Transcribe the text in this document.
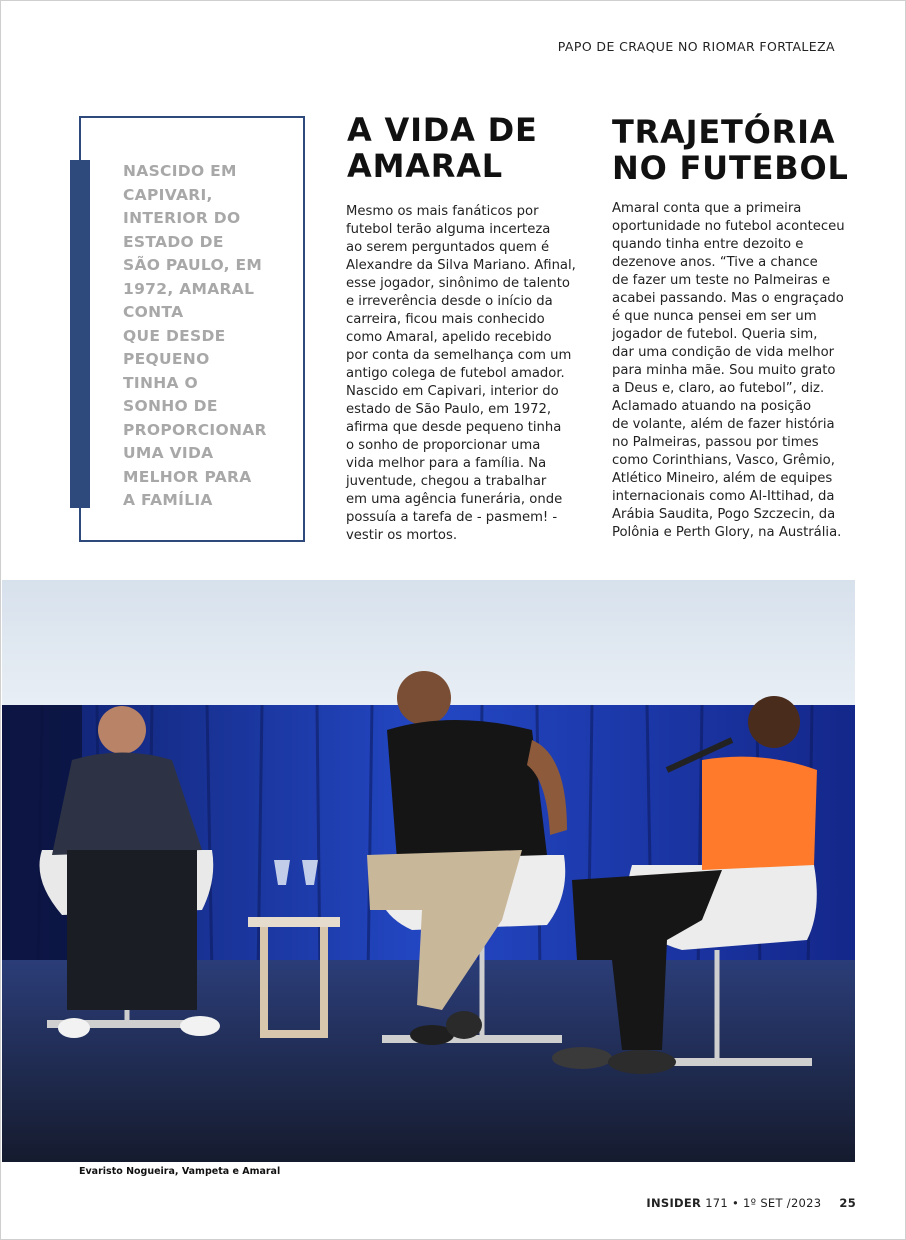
PAPO DE CRAQUE NO RIOMAR FORTALEZA
NASCIDO EM
CAPIVARI,
INTERIOR DO
ESTADO DE
SÃO PAULO, EM
1972, AMARAL
CONTA
QUE DESDE
PEQUENO
TINHA O
SONHO DE
PROPORCIONAR
UMA VIDA
MELHOR PARA
A FAMÍLIA
A VIDA DE
AMARAL
Mesmo os mais fanáticos por
futebol terão alguma incerteza
ao serem perguntados quem é
Alexandre da Silva Mariano. Afinal,
esse jogador, sinônimo de talento
e irreverência desde o início da
carreira, ficou mais conhecido
como Amaral, apelido recebido
por conta da semelhança com um
antigo colega de futebol amador.
Nascido em Capivari, interior do
estado de São Paulo, em 1972,
afirma que desde pequeno tinha
o sonho de proporcionar uma
vida melhor para a família. Na
juventude, chegou a trabalhar
em uma agência funerária, onde
possuía a tarefa de - pasmem! -
vestir os mortos.
TRAJETÓRIA
NO FUTEBOL
Amaral conta que a primeira
oportunidade no futebol aconteceu
quando tinha entre dezoito e
dezenove anos. “Tive a chance
de fazer um teste no Palmeiras e
acabei passando. Mas o engraçado
é que nunca pensei em ser um
jogador de futebol. Queria sim,
dar uma condição de vida melhor
para minha mãe. Sou muito grato
a Deus e, claro, ao futebol”, diz.
Aclamado atuando na posição
de volante, além de fazer história
no Palmeiras, passou por times
como Corinthians, Vasco, Grêmio,
Atlético Mineiro, além de equipes
internacionais como Al-Ittihad, da
Arábia Saudita, Pogo Szczecin, da
Polônia e Perth Glory, na Austrália.
Evaristo Nogueira, Vampeta e Amaral
INSIDER 171 • 1º SET /2023 25
